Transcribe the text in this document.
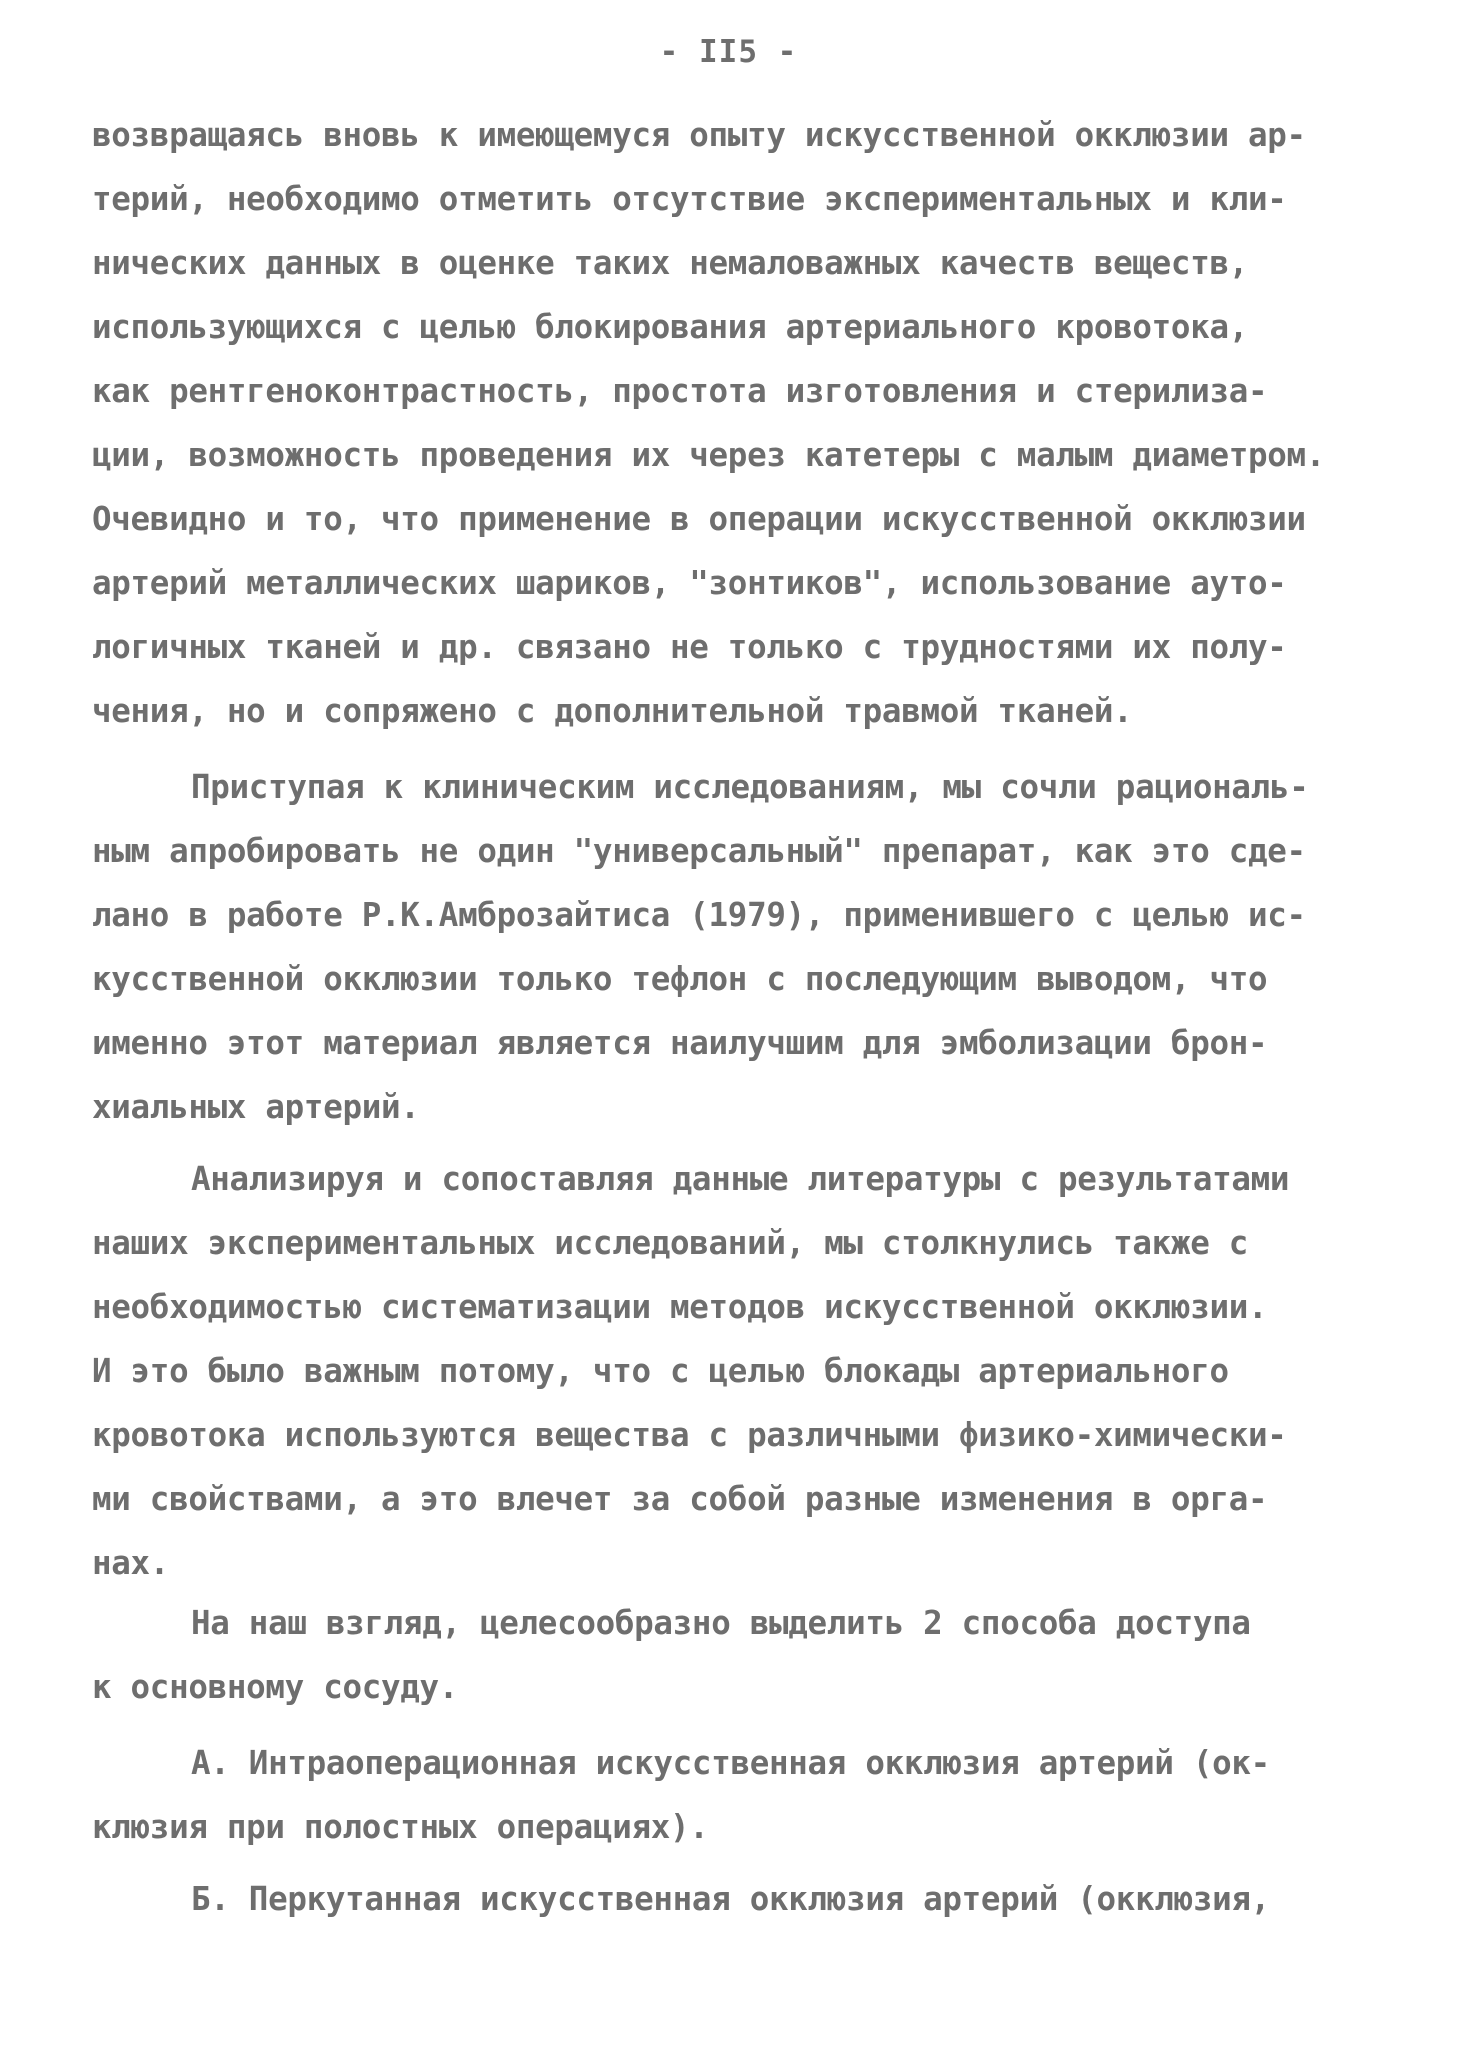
- II5 -
возвращаясь вновь к имеющемуся опыту искусственной окклюзии ар-
терий, необходимо отметить отсутствие экспериментальных и кли-
нических данных в оценке таких немаловажных качеств веществ,
использующихся с целью блокирования артериального кровотока,
как рентгеноконтрастность, простота изготовления и стерилиза-
ции, возможность проведения их через катетеры с малым диаметром.
Очевидно и то, что применение в операции искусственной окклюзии
артерий металлических шариков, "зонтиков", использование ауто-
логичных тканей и др. связано не только с трудностями их полу-
чения, но и сопряжено с дополнительной травмой тканей.
Приступая к клиническим исследованиям, мы сочли рациональ-
ным апробировать не один "универсальный" препарат, как это сде-
лано в работе Р.К.Амброзайтиса (1979), применившего с целью ис-
кусственной окклюзии только тефлон с последующим выводом, что
именно этот материал является наилучшим для эмболизации брон-
хиальных артерий.
Анализируя и сопоставляя данные литературы с результатами
наших экспериментальных исследований, мы столкнулись также с
необходимостью систематизации методов искусственной окклюзии.
И это было важным потому, что с целью блокады артериального
кровотока используются вещества с различными физико-химически-
ми свойствами, а это влечет за собой разные изменения в орга-
нах.
На наш взгляд, целесообразно выделить 2 способа доступа
к основному сосуду.
А. Интраоперационная искусственная окклюзия артерий (ок-
клюзия при полостных операциях).
Б. Перкутанная искусственная окклюзия артерий (окклюзия,
